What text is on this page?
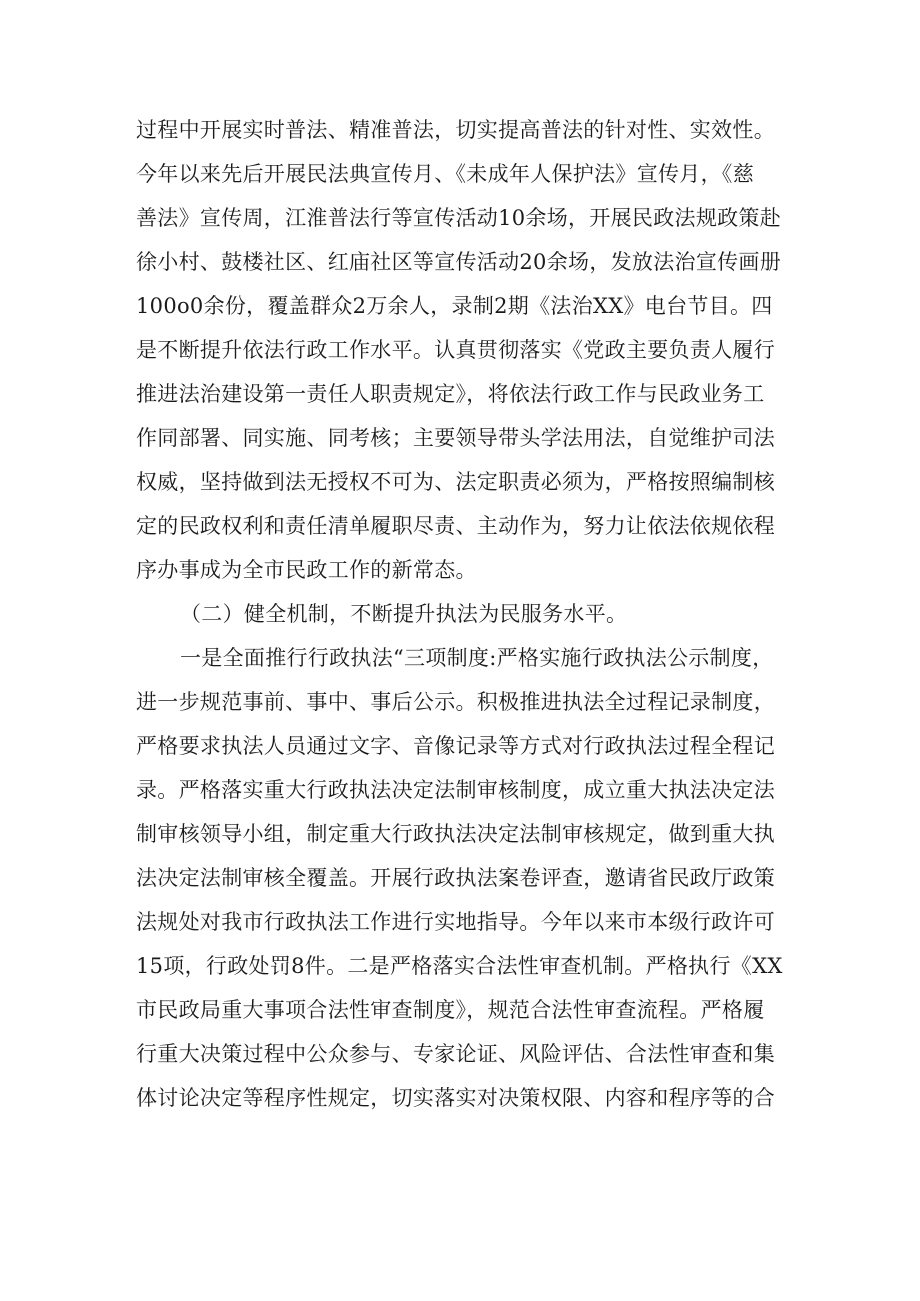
过程中开展实时普法、精准普法，切实提高普法的针对性、实效性。
今年以来先后开展民法典宣传月、《未成年人保护法》宣传月，《慈
善法》宣传周，江淮普法行等宣传活动10余场，开展民政法规政策赴
徐小村、鼓楼社区、红庙社区等宣传活动20余场，发放法治宣传画册
100o0余份，覆盖群众2万余人，录制2期《法治XX》电台节目。四
是不断提升依法行政工作水平。认真贯彻落实《党政主要负责人履行
推进法治建设第一责任人职责规定》，将依法行政工作与民政业务工
作同部署、同实施、同考核；主要领导带头学法用法，自觉维护司法
权威，坚持做到法无授权不可为、法定职责必须为，严格按照编制核
定的民政权利和责任清单履职尽责、主动作为，努力让依法依规依程
序办事成为全市民政工作的新常态。
（二）健全机制，不断提升执法为民服务水平。
一是全面推行行政执法“三项制度:严格实施行政执法公示制度，
进一步规范事前、事中、事后公示。积极推进执法全过程记录制度，
严格要求执法人员通过文字、音像记录等方式对行政执法过程全程记
录。严格落实重大行政执法决定法制审核制度，成立重大执法决定法
制审核领导小组，制定重大行政执法决定法制审核规定，做到重大执
法决定法制审核全覆盖。开展行政执法案卷评查，邀请省民政厅政策
法规处对我市行政执法工作进行实地指导。今年以来市本级行政许可
15项，行政处罚8件。二是严格落实合法性审查机制。严格执行《XX
市民政局重大事项合法性审查制度》，规范合法性审查流程。严格履
行重大决策过程中公众参与、专家论证、风险评估、合法性审查和集
体讨论决定等程序性规定，切实落实对决策权限、内容和程序等的合
